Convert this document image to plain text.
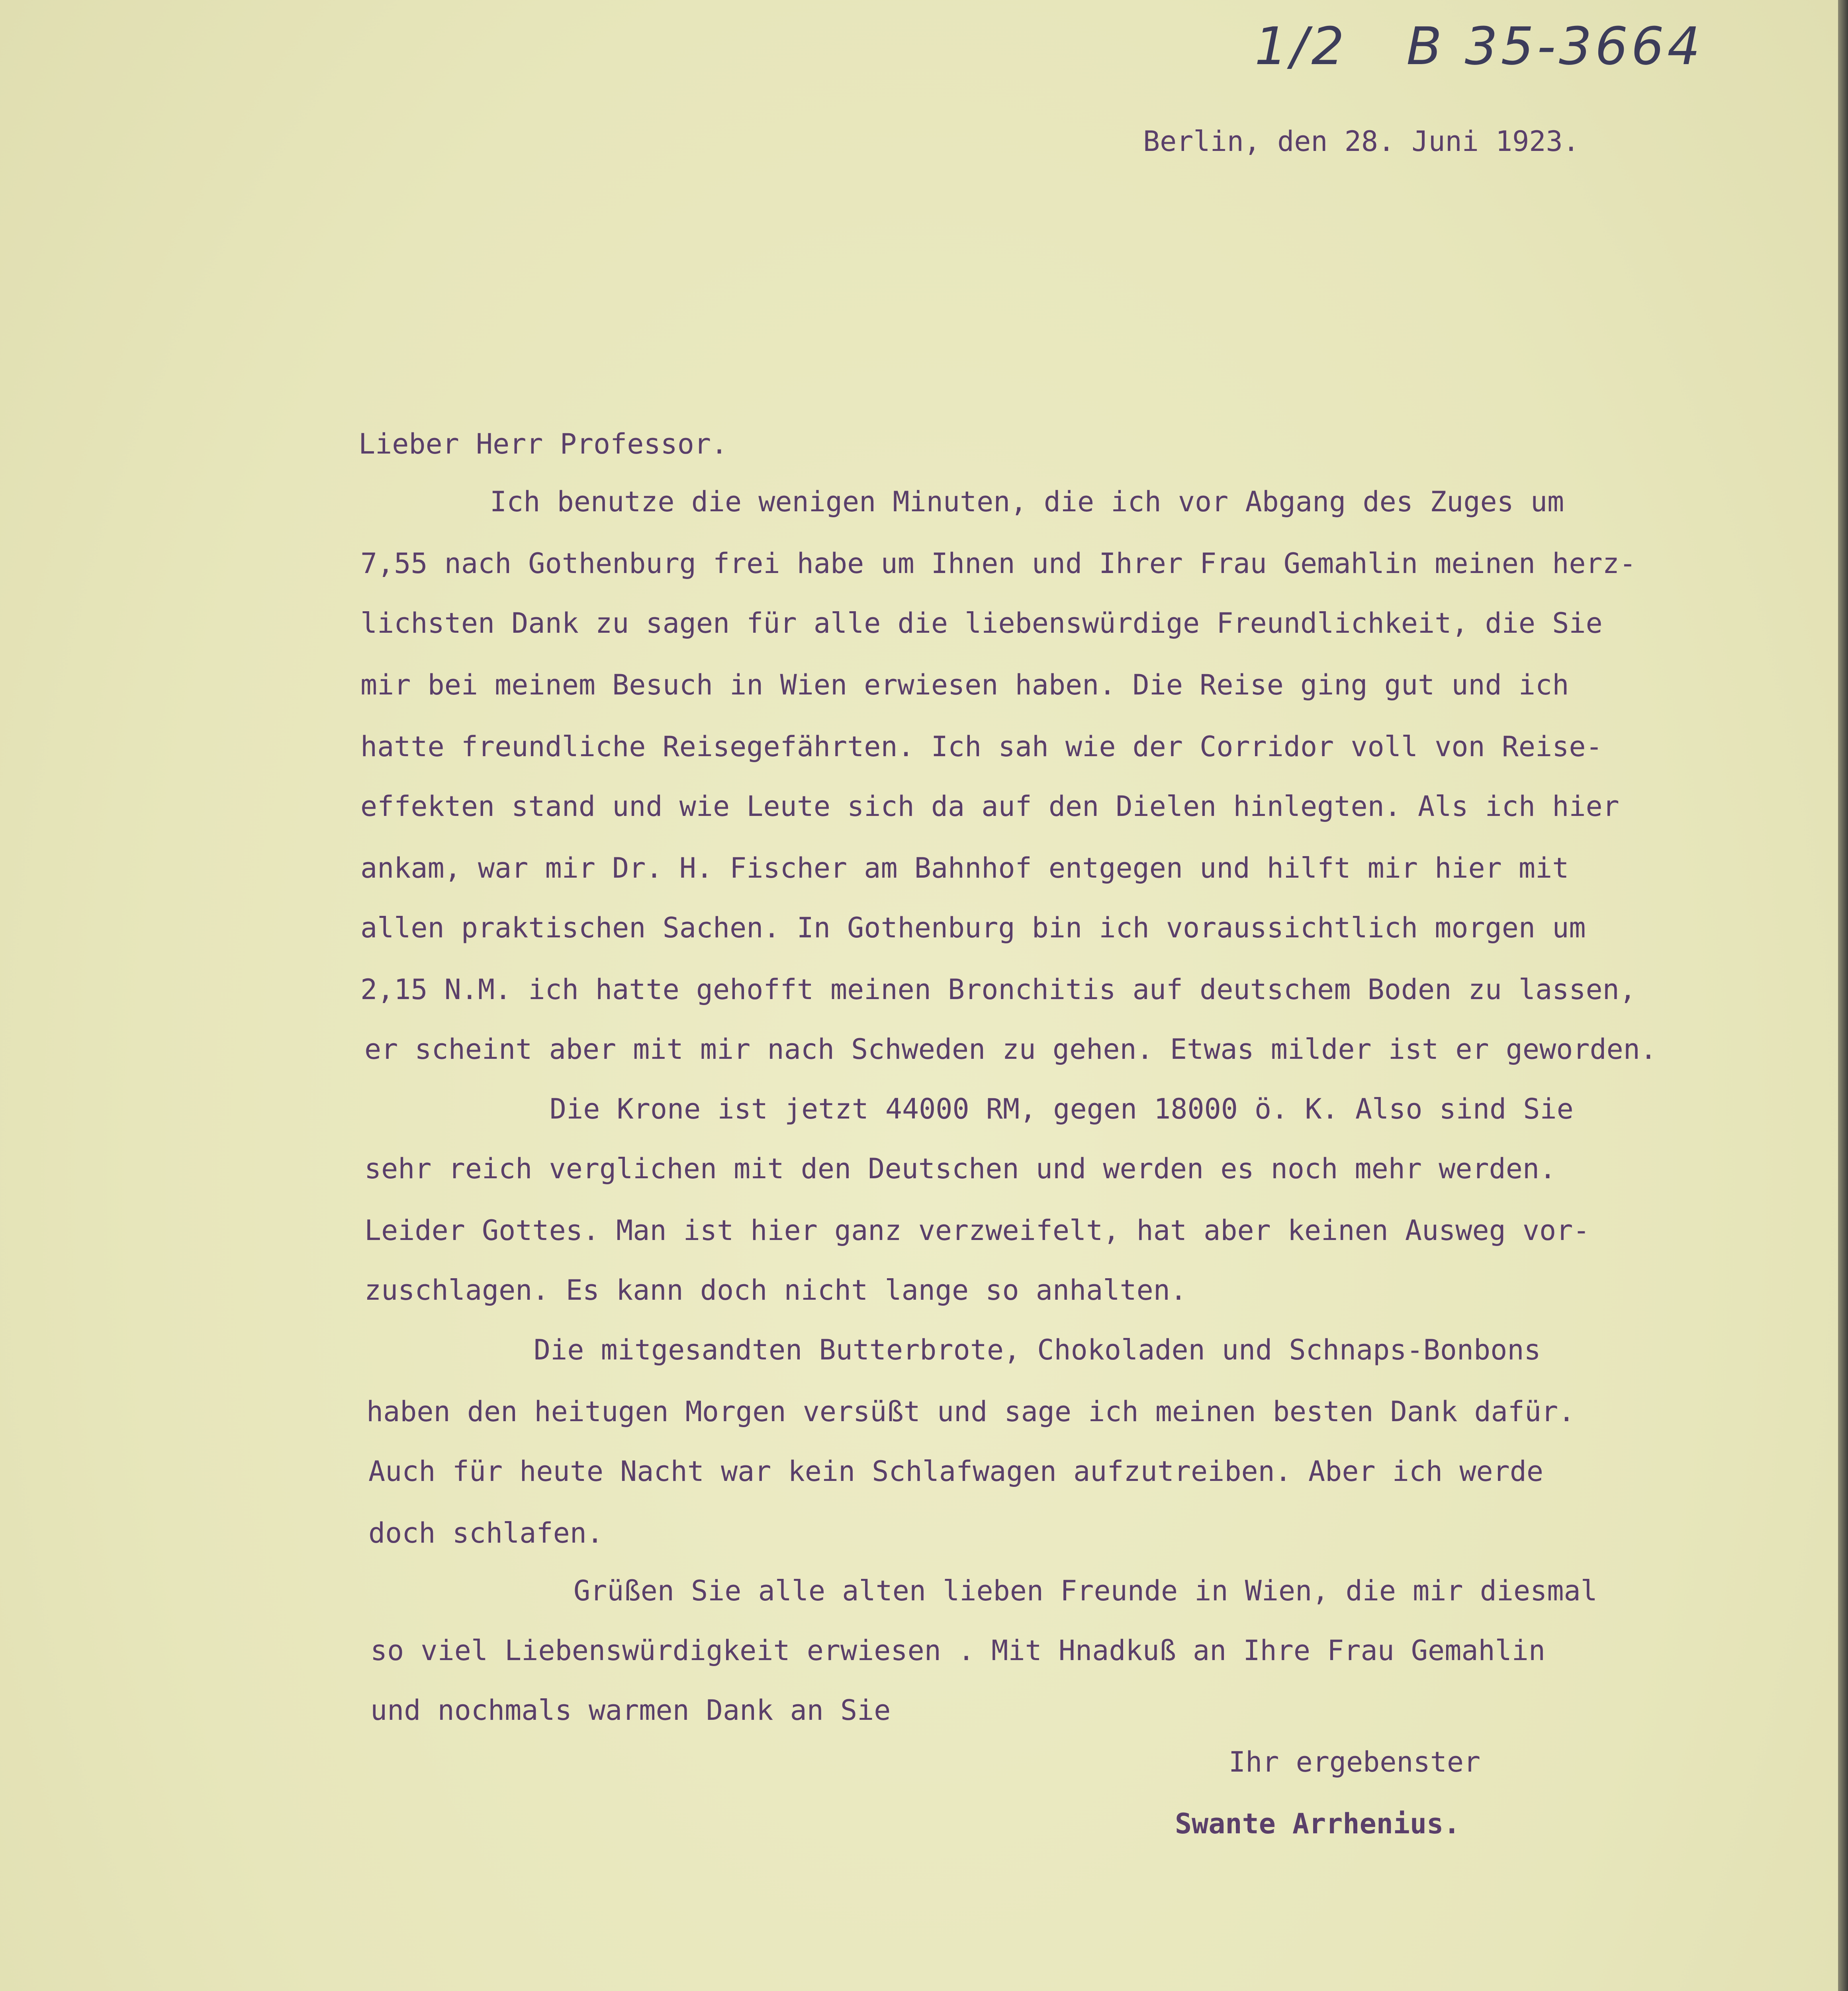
1/2   B 35-3664
Berlin, den 28. Juni 1923.
Lieber Herr Professor.

Ich benutze die wenigen Minuten, die ich vor Abgang des Zuges um

7,55 nach Gothenburg frei habe um Ihnen und Ihrer Frau Gemahlin meinen herz-

lichsten Dank zu sagen für alle die liebenswürdige Freundlichkeit, die Sie

mir bei meinem Besuch in Wien erwiesen haben. Die Reise ging gut und ich

hatte freundliche Reisegefährten. Ich sah wie der Corridor voll von Reise-

effekten stand und wie Leute sich da auf den Dielen hinlegten. Als ich hier

ankam, war mir Dr. H. Fischer am Bahnhof entgegen und hilft mir hier mit

allen praktischen Sachen. In Gothenburg bin ich voraussichtlich morgen um

2,15 N.M. ich hatte gehofft meinen Bronchitis auf deutschem Boden zu lassen,

er scheint aber mit mir nach Schweden zu gehen. Etwas milder ist er geworden.

Die Krone ist jetzt 44000 RM, gegen 18000 ö. K. Also sind Sie

sehr reich verglichen mit den Deutschen und werden es noch mehr werden.

Leider Gottes. Man ist hier ganz verzweifelt, hat aber keinen Ausweg vor-

zuschlagen. Es kann doch nicht lange so anhalten.

Die mitgesandten Butterbrote, Chokoladen und Schnaps-Bonbons

haben den heitugen Morgen versüßt und sage ich meinen besten Dank dafür.

Auch für heute Nacht war kein Schlafwagen aufzutreiben. Aber ich werde

doch schlafen.

Grüßen Sie alle alten lieben Freunde in Wien, die mir diesmal

so viel Liebenswürdigkeit erwiesen . Mit Hnadkuß an Ihre Frau Gemahlin

und nochmals warmen Dank an Sie

Ihr ergebenster
Swante Arrhenius.
